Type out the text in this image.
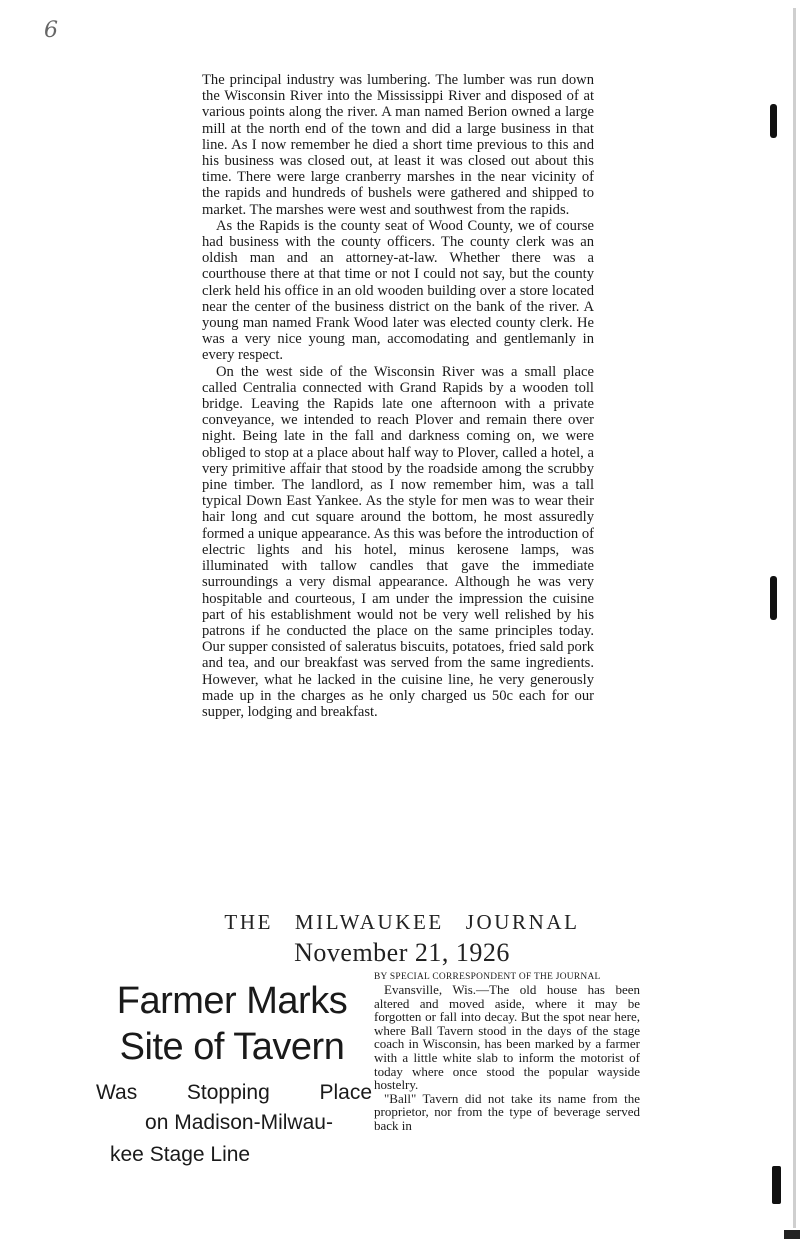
6

The principal industry was lumbering. The lumber was run down the Wisconsin River into the Mississippi River and disposed of at various points along the river. A man named Berion owned a large mill at the north end of the town and did a large business in that line. As I now remember he died a short time previous to this and his business was closed out, at least it was closed out about this time. There were large cranberry marshes in the near vicinity of the rapids and hundreds of bushels were gathered and shipped to market. The marshes were west and southwest from the rapids.

As the Rapids is the county seat of Wood County, we of course had business with the county officers. The county clerk was an oldish man and an attorney-at-law. Whether there was a courthouse there at that time or not I could not say, but the county clerk held his office in an old wooden building over a store located near the center of the business district on the bank of the river. A young man named Frank Wood later was elected county clerk. He was a very nice young man, accomodating and gentlemanly in every respect.

On the west side of the Wisconsin River was a small place called Centralia connected with Grand Rapids by a wooden toll bridge. Leaving the Rapids late one afternoon with a private conveyance, we intended to reach Plover and remain there over night. Being late in the fall and darkness coming on, we were obliged to stop at a place about half way to Plover, called a hotel, a very primitive affair that stood by the roadside among the scrubby pine timber. The landlord, as I now remember him, was a tall typical Down East Yankee. As the style for men was to wear their hair long and cut square around the bottom, he most assuredly formed a unique appearance. As this was before the introduction of electric lights and his hotel, minus kerosene lamps, was illuminated with tallow candles that gave the immediate surroundings a very dismal appearance. Although he was very hospitable and courteous, I am under the impression the cuisine part of his establishment would not be very well relished by his patrons if he conducted the place on the same principles today. Our supper consisted of saleratus biscuits, potatoes, fried sald pork and tea, and our breakfast was served from the same ingredients. However, what he lacked in the cuisine line, he very generously made up in the charges as he only charged us 50c each for our supper, lodging and breakfast.

THE MILWAUKEE JOURNAL
November 21, 1926
Farmer Marks
Site of Tavern
Was Stopping Place
on Madison-Milwau-
kee Stage Line
BY SPECIAL CORRESPONDENT OF THE JOURNAL

Evansville, Wis.—The old house has been altered and moved aside, where it may be forgotten or fall into decay. But the spot near here, where Ball Tavern stood in the days of the stage coach in Wisconsin, has been marked by a farmer with a little white slab to inform the motorist of today where once stood the popular wayside hostelry.

"Ball" Tavern did not take its name from the proprietor, nor from the type of beverage served back in
